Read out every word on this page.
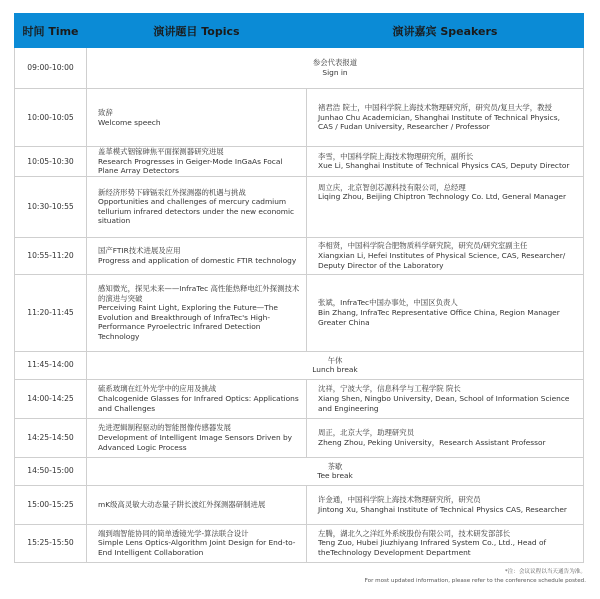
时间 Time	演讲题目 Topics	演讲嘉宾 Speakers
09:00-10:00	参会代表报道
Sign in	

10:00-10:05	致辞
Welcome speech	褚君浩 院士，中国科学院上海技术物理研究所，研究员/复旦大学，教授
Junhao Chu Academician, Shanghai Institute of Technical Physics, CAS / Fudan University, Researcher / Professor

10:05-10:30	盖革模式铟镓砷焦平面探测器研究进展
Research Progresses in Geiger-Mode InGaAs Focal Plane Array Detectors	李雪，中国科学院上海技术物理研究所，副所长
Xue Li, Shanghai Institute of Technical Physics CAS, Deputy Director

10:30-10:55	新经济形势下碲镉汞红外探测器的机遇与挑战
Opportunities and challenges of mercury cadmium tellurium infrared detectors under the new economic situation	周立庆，北京智创芯源科技有限公司，总经理
Liqing Zhou, Beijing Chiptron Technology Co. Ltd, General Manager

10:55-11:20	国产FTIR技术进展及应用
Progress and application of domestic FTIR technology	李相贤，中国科学院合肥物质科学研究院，研究员/研究室副主任
Xiangxian Li, Hefei Institutes of Physical Science, CAS, Researcher/ Deputy Director of the Laboratory

11:20-11:45	感知微光，探见未来——InfraTec 高性能热释电红外探测技术的演进与突破
Perceiving Faint Light, Exploring the Future—The Evolution and Breakthrough of InfraTec's High-Performance Pyroelectric Infrared Detection Technology	张斌，InfraTec中国办事处，中国区负责人
Bin Zhang, InfraTec Representative Office China, Region Manager Greater China

11:45-14:00	午休
Lunch break	

14:00-14:25	硫系玻璃在红外光学中的应用及挑战
Chalcogenide Glasses for Infrared Optics: Applications and Challenges	沈祥，宁波大学，信息科学与工程学院 院长
Xiang Shen, Ningbo University, Dean, School of Information Science and Engineering

14:25-14:50	先进逻辑制程驱动的智能图像传感器发展
Development of Intelligent Image Sensors Driven by Advanced Logic Process	周正，北京大学，助理研究员
Zheng Zhou, Peking University，Research Assistant Professor

14:50-15:00	茶歇
Tee break	

15:00-15:25	mK级高灵敏大动态量子阱长波红外探测器研制进展	许金通，中国科学院上海技术物理研究所，研究员
Jintong Xu, Shanghai Institute of Technical Physics CAS, Researcher

15:25-15:50	端到端智能协同的简单透镜光学-算法联合设计
Simple Lens Optics-Algorithm Joint Design for End-to-End Intelligent Collaboration	左腾，湖北久之洋红外系统股份有限公司，技术研发部部长
Teng Zuo, Hubei Jiuzhiyang Infrared System Co., Ltd., Head of theTechnology Development Department
*注：会议议程以当天通告为准。
For most updated information, please refer to the conference schedule posted.
